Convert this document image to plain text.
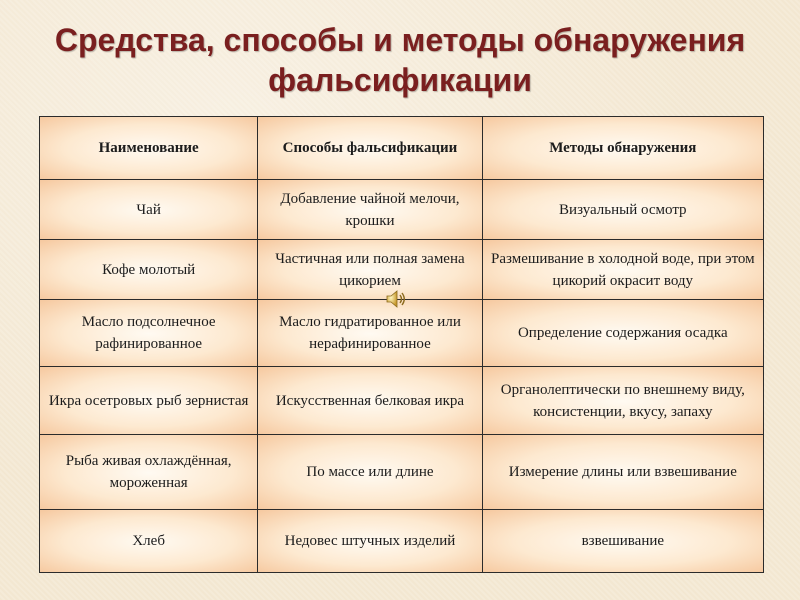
Средства, способы и методы обнаружения
фальсификации
Наименование	Способы фальсификации	Методы обнаружения
Чай	Добавление чайной мелочи, крошки	Визуальный осмотр
Кофе молотый	Частичная или полная замена цикорием	Размешивание в холодной воде, при этом цикорий окрасит воду
Масло подсолнечное рафинированное	Масло гидратированное или нерафинированное	Определение содержания осадка
Икра осетровых рыб зернистая	Искусственная белковая икра	Органолептически по внешнему виду, консистенции, вкусу, запаху
Рыба живая охлаждённая, мороженная	По массе или длине	Измерение длины или взвешивание
Хлеб	Недовес штучных изделий	взвешивание
